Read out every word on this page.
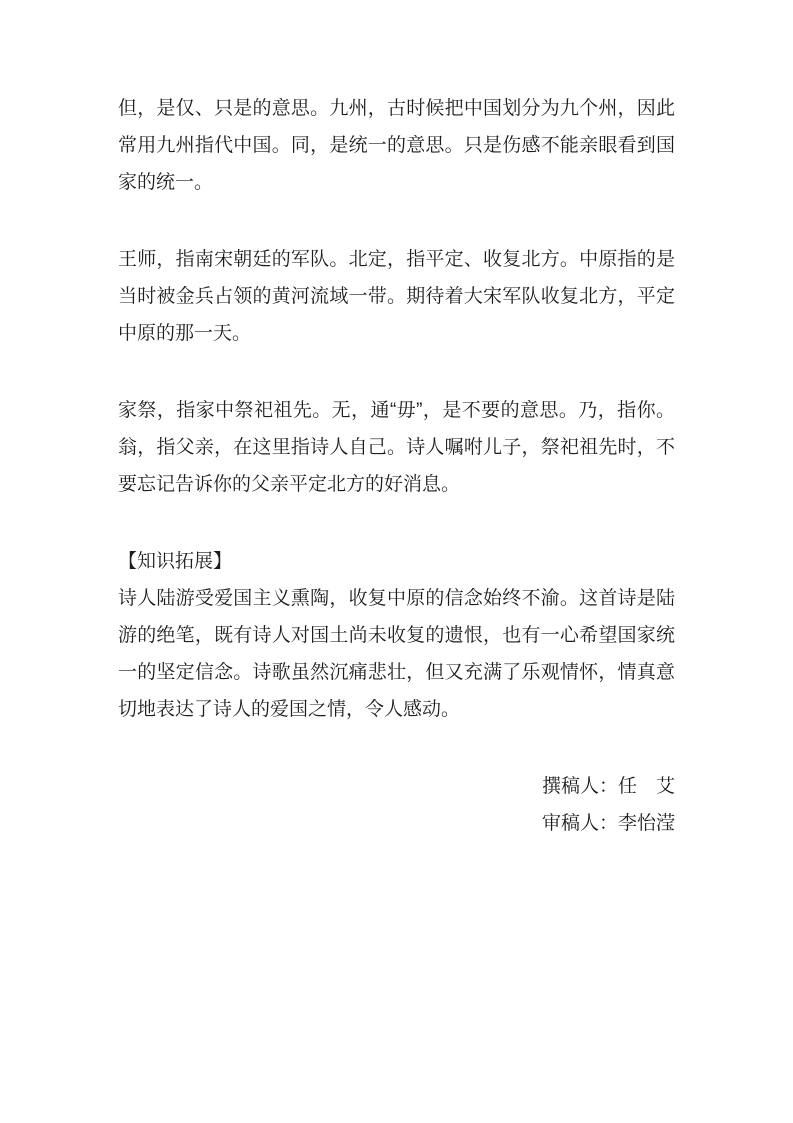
但，是仅、只是的意思。九州，古时候把中国划分为九个州，因此常用九州指代中国。同，是统一的意思。只是伤感不能亲眼看到国家的统一。

王师，指南宋朝廷的军队。北定，指平定、收复北方。中原指的是当时被金兵占领的黄河流域一带。期待着大宋军队收复北方，平定中原的那一天。

家祭，指家中祭祀祖先。无，通“毋”，是不要的意思。乃，指你。翁，指父亲，在这里指诗人自己。诗人嘱咐儿子，祭祀祖先时，不要忘记告诉你的父亲平定北方的好消息。

【知识拓展】

诗人陆游受爱国主义熏陶，收复中原的信念始终不渝。这首诗是陆游的绝笔，既有诗人对国土尚未收复的遗恨，也有一心希望国家统一的坚定信念。诗歌虽然沉痛悲壮，但又充满了乐观情怀，情真意切地表达了诗人的爱国之情，令人感动。

撰稿人：任　艾

审稿人：李怡滢
